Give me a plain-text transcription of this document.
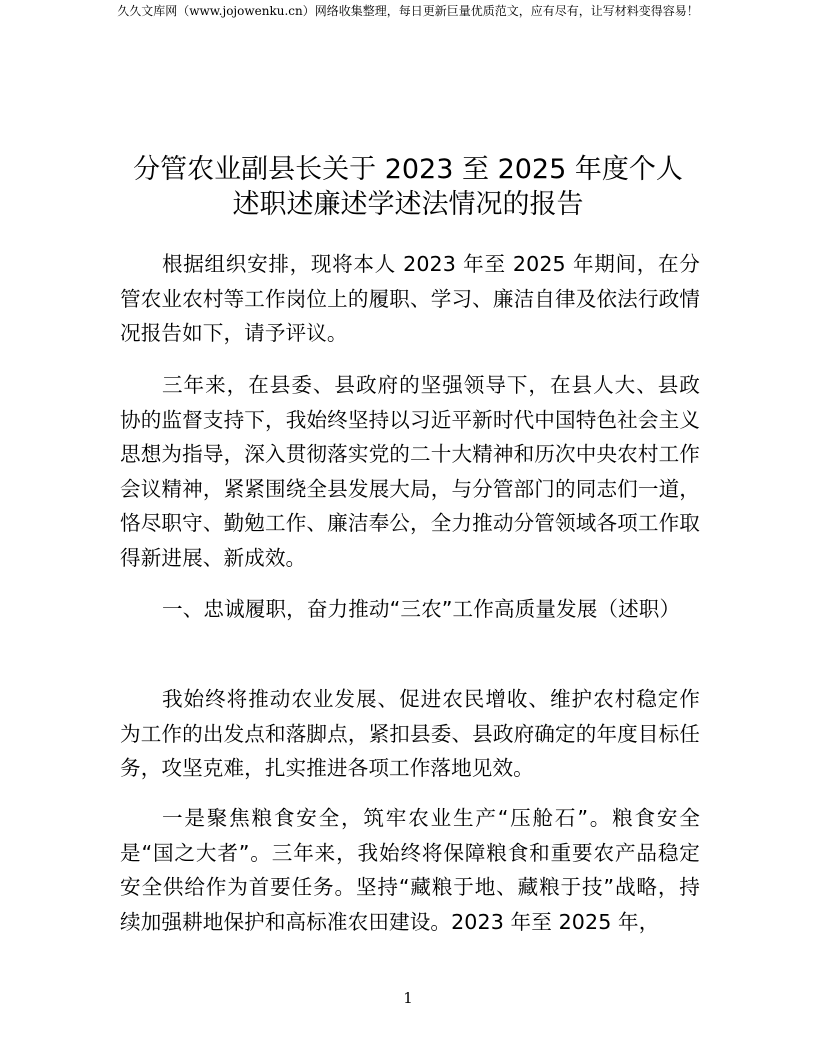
久久文库网（www.jojowenku.cn）网络收集整理，每日更新巨量优质范文，应有尽有，让写材料变得容易！
分管农业副县长关于 2023 至 2025 年度个人
述职述廉述学述法情况的报告

根据组织安排，现将本人 2023 年至 2025 年期间，在分管农业农村等工作岗位上的履职、学习、廉洁自律及依法行政情况报告如下，请予评议。

三年来，在县委、县政府的坚强领导下，在县人大、县政协的监督支持下，我始终坚持以习近平新时代中国特色社会主义思想为指导，深入贯彻落实党的二十大精神和历次中央农村工作会议精神，紧紧围绕全县发展大局，与分管部门的同志们一道，恪尽职守、勤勉工作、廉洁奉公，全力推动分管领域各项工作取得新进展、新成效。

一、忠诚履职，奋力推动“三农”工作高质量发展（述职）

我始终将推动农业发展、促进农民增收、维护农村稳定作为工作的出发点和落脚点，紧扣县委、县政府确定的年度目标任务，攻坚克难，扎实推进各项工作落地见效。

一是聚焦粮食安全，筑牢农业生产“压舱石”。粮食安全是“国之大者”。三年来，我始终将保障粮食和重要农产品稳定安全供给作为首要任务。坚持“藏粮于地、藏粮于技”战略，持续加强耕地保护和高标准农田建设。2023 年至 2025 年，

1
